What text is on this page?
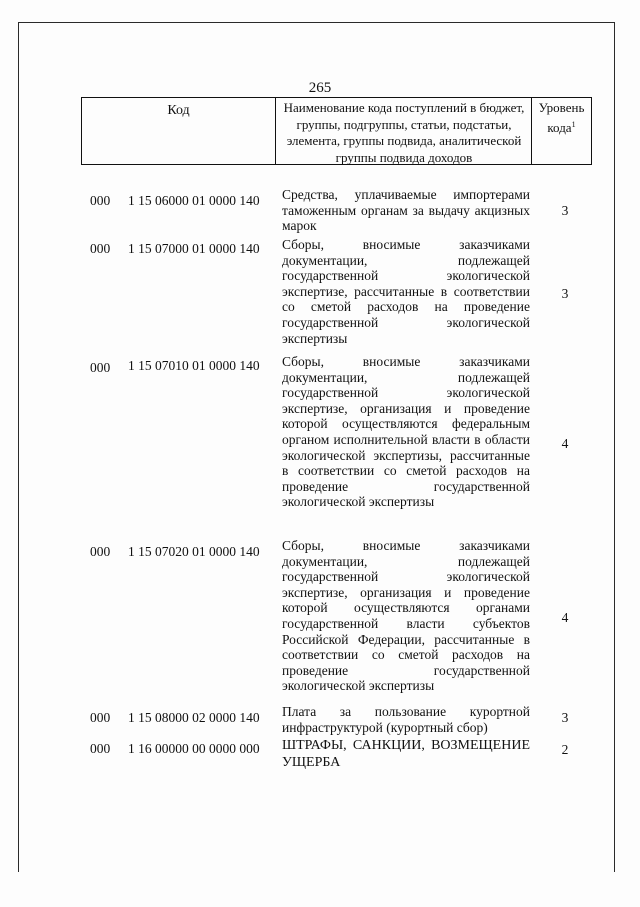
265
Код	Наименование кода поступлений в бюджет, группы, подгруппы, статьи, подстатьи, элемента, группы подвида, аналитической группы подвида доходов
Уровень кода$^1$
000 1 15 06000 01 0000 140 Средства, уплачиваемые импортерами таможенным органам за выдачу акцизных марок
3
000 1 15 07000 01 0000 140 Сборы, вносимые заказчиками документации, подлежащей государственной экологической экспертизе, рассчитанные в соответствии со сметой расходов на проведение государственной экологической экспертизы
3
000 1 15 07010 01 0000 140 Сборы, вносимые заказчиками документации, подлежащей государственной экологической экспертизе, организация и проведение которой осуществляются федеральным органом исполнительной власти в области экологической экспертизы, рассчитанные в соответствии со сметой расходов на проведение государственной экологической экспертизы
4
000 1 15 07020 01 0000 140 Сборы, вносимые заказчиками документации, подлежащей государственной экологической экспертизе, организация и проведение которой осуществляются органами государственной власти субъектов Российской Федерации, рассчитанные в соответствии со сметой расходов на проведение государственной экологической экспертизы
4
000 1 15 08000 02 0000 140 Плата за пользование курортной инфраструктурой (курортный сбор)
3
000 1 16 00000 00 0000 000 ШТРАФЫ, САНКЦИИ, ВОЗМЕЩЕНИЕ УЩЕРБА
2
